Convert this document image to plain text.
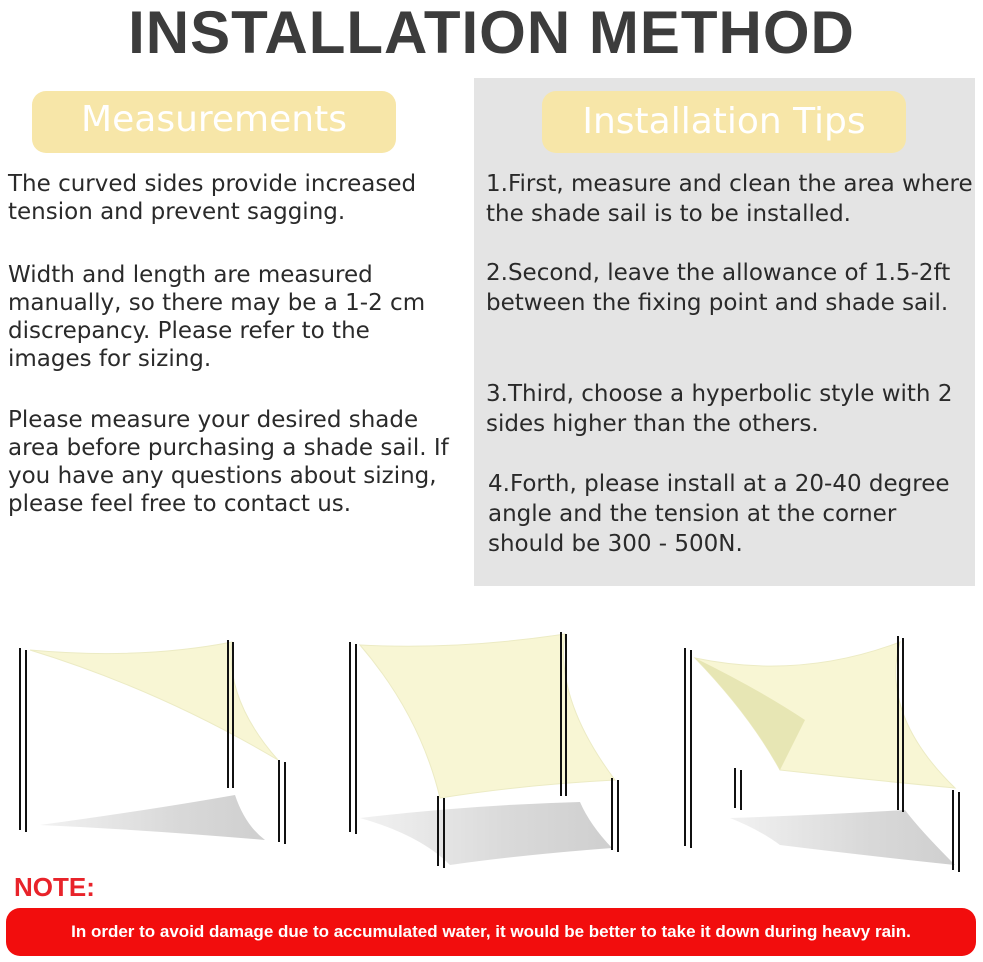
INSTALLATION METHOD
Measurements	Installation Tips

The curved sides provide increased tension and prevent sagging.

Width and length are measured manually, so there may be a 1-2 cm discrepancy. Please refer to the images for sizing.

Please measure your desired shade area before purchasing a shade sail. If you have any questions about sizing, please feel free to contact us.

1.First, measure and clean the area where the shade sail is to be installed.

2.Second, leave the allowance of 1.5-2ft between the fixing point and shade sail.

3.Third, choose a hyperbolic style with 2 sides higher than the others.

4.Forth, please install at a 20-40 degree angle and the tension at the corner should be 300 - 500N.

NOTE:

In order to avoid damage due to accumulated water, it would be better to take it down during heavy rain.
